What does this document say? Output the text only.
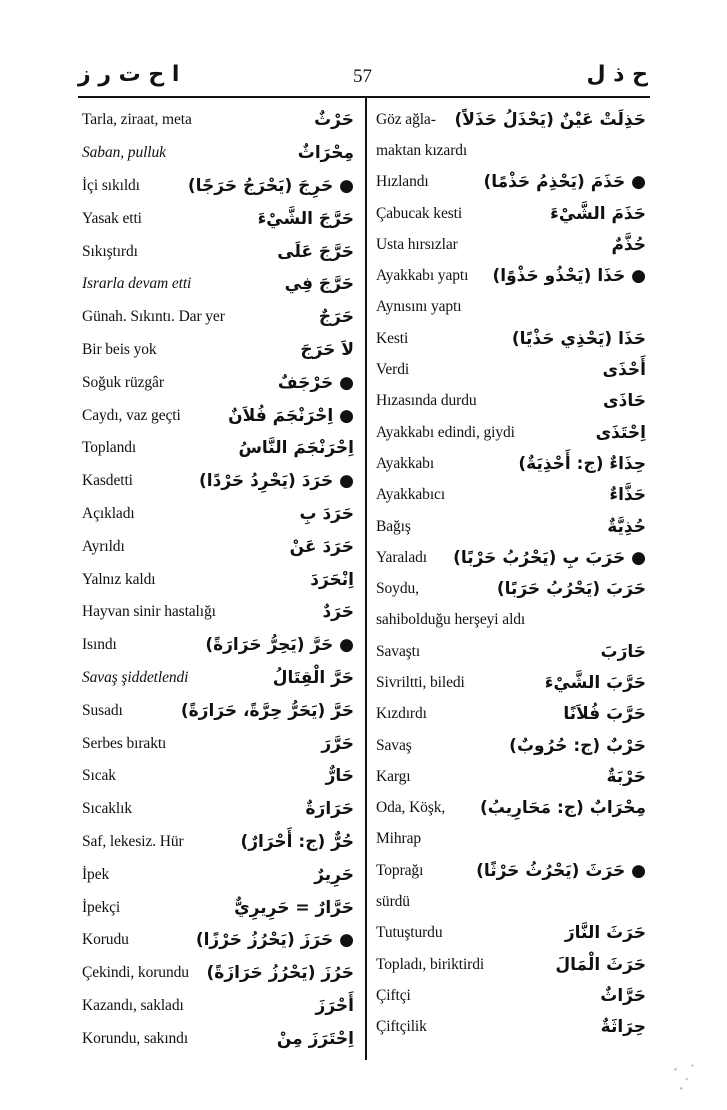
ا ح ت ر ز	57	ح ذ ل
Tarla, ziraat, meta	حَرْثٌ
Saban, pulluk	مِحْرَاثٌ
İçi sıkıldı	● حَرِجَ (يَحْرَجُ حَرَجًا)
Yasak etti	حَرَّجَ الشَّيْءَ
Sıkıştırdı	حَرَّجَ عَلَى
Israrla devam etti	حَرَّجَ فِي
Günah. Sıkıntı. Dar yer	حَرَجٌ
Bir beis yok	لاَ حَرَجَ
Soğuk rüzgâr	● حَرْجَفٌ
Caydı, vaz geçti	● اِحْرَنْجَمَ فُلاَنٌ
Toplandı	اِحْرَنْجَمَ النَّاسُ
Kasdetti	● حَرَدَ (يَحْرِدُ حَرْدًا)
Açıkladı	حَرَدَ بِ
Ayrıldı	حَرَدَ عَنْ
Yalnız kaldı	اِنْحَرَدَ
Hayvan sinir hastalığı	حَرَدٌ
Isındı	● حَرَّ (يَحِرُّ حَرَارَةً)
Savaş şiddetlendi	حَرَّ الْقِتَالُ
Susadı	حَرَّ (يَحَرُّ حِرَّةً، حَرَارَةً)
Serbes bıraktı	حَرَّرَ
Sıcak	حَارٌّ
Sıcaklık	حَرَارَةٌ
Saf, lekesiz. Hür	حُرٌّ (ج: أَحْرَارٌ)
İpek	حَرِيرٌ
İpekçi	حَرَّارٌ = حَرِيرِيٌّ
Korudu	● حَرَزَ (يَحْرُزُ حَرْزًا)
Çekindi, korundu حَرُزَ (يَحْرُزُ حَرَازَةً)
Kazandı, sakladı	أَحْرَزَ
Korundu, sakındı	اِحْتَرَزَ مِنْ
Göz ağla- حَذِلَتْ عَيْنٌ (يَحْذَلُ حَذَلاً)
maktan kızardı
Hızlandı	● حَذَمَ (يَحْذِمُ حَذْمًا)
Çabucak kesti	حَذَمَ الشَّيْءَ
Usta hırsızlar	حُذَّمٌ
Ayakkabı yaptı ● حَذَا (يَحْذُو حَذْوًا)
Aynısını yaptı
Kesti	حَذَا (يَحْذِي حَذْيًا)
Verdi	أَحْذَى
Hızasında durdu	حَاذَى
Ayakkabı edindi, giydi	اِحْتَذَى
Ayakkabı	حِذَاءٌ (ج: أَحْذِيَةٌ)
Ayakkabıcı	حَذَّاءٌ
Bağış	حُذِيَّةٌ
Yaraladı ● حَرَبَ بِ (يَحْرُبُ حَرْبًا)
Soydu,	حَرَبَ (يَحْرُبُ حَرَبًا)
sahibolduğu herşeyi aldı
Savaştı	حَارَبَ
Sivriltti, biledi	حَرَّبَ الشَّيْءَ
Kızdırdı	حَرَّبَ فُلاَنًا
Savaş	حَرْبٌ (ج: حُرُوبٌ)
Kargı	حَرْبَةٌ
Oda, Köşk, مِحْرَابٌ (ج: مَحَارِيبُ)
Mihrap
Toprağı	● حَرَثَ (يَحْرُثُ حَرْثًا)
sürdü
Tutuşturdu	حَرَثَ النَّارَ
Topladı, biriktirdi	حَرَثَ الْمَالَ
Çiftçi	حَرَّاثٌ
Çiftçilik	حِرَاثَةٌ
